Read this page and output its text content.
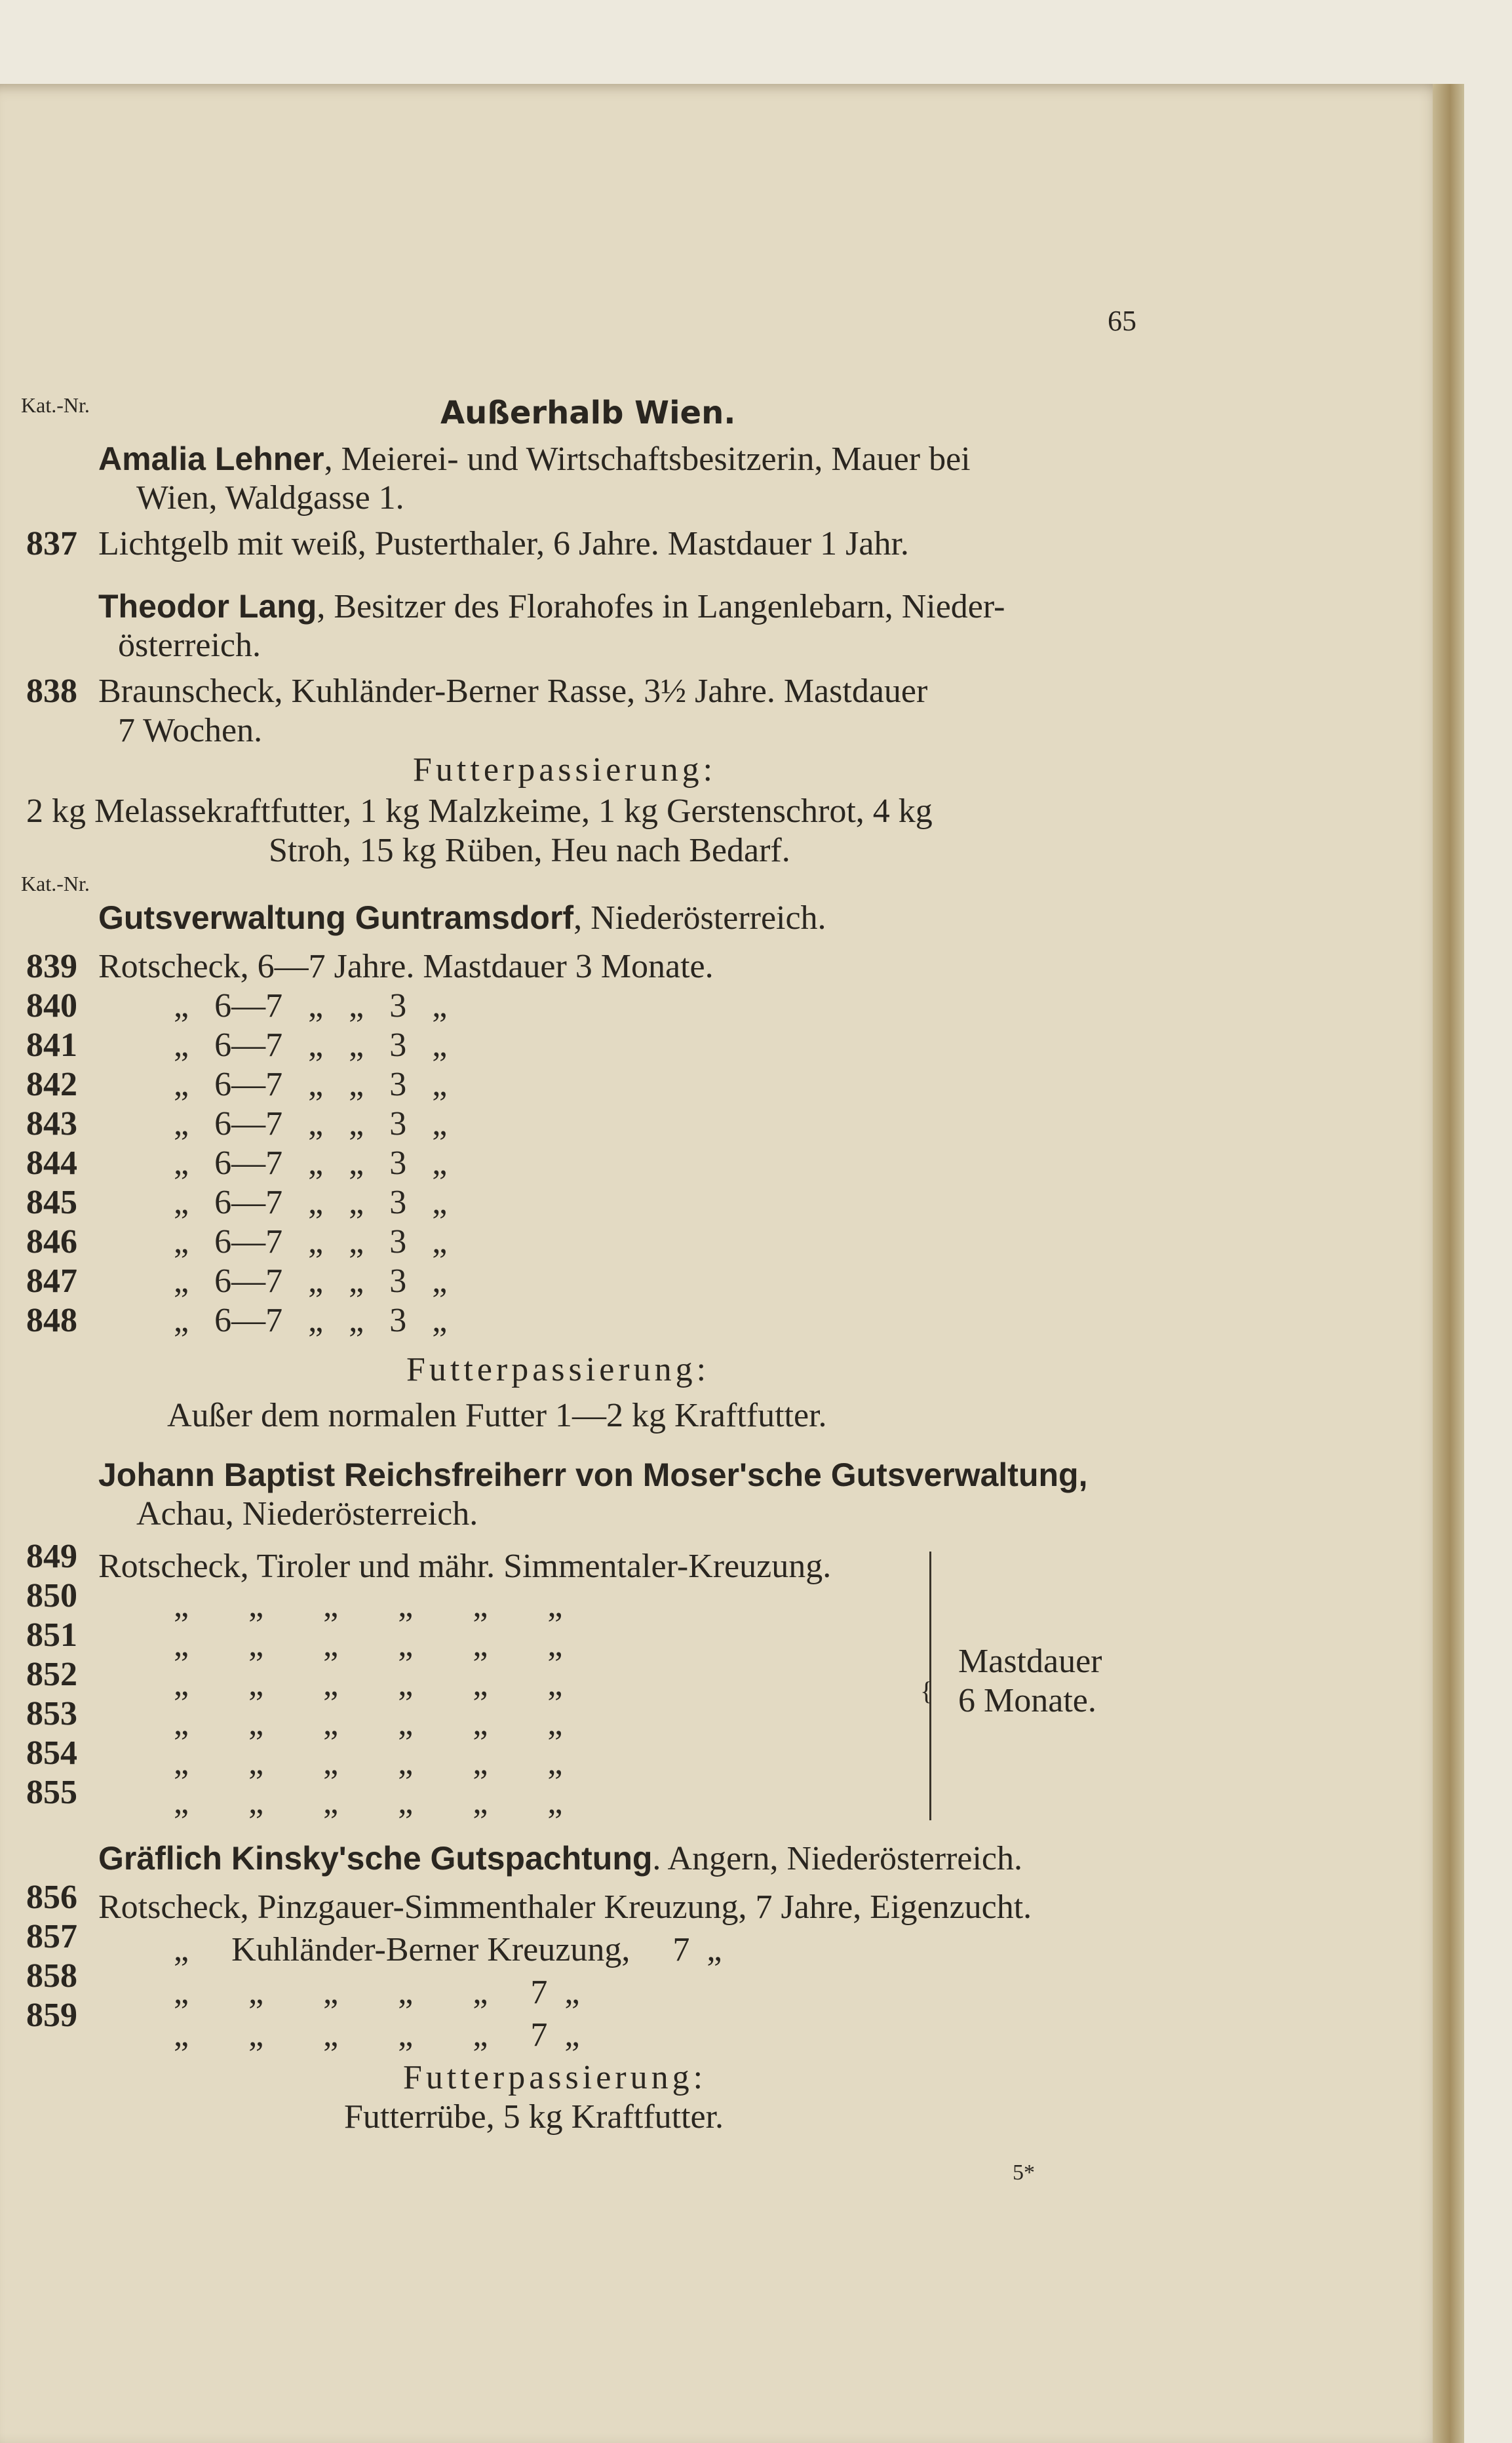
65
Kat.-Nr.	Außerhalb Wien.
Amalia Lehner, Meierei- und Wirtschaftsbesitzerin, Mauer bei
Wien, Waldgasse 1.
837 Lichtgelb mit weiß, Pusterthaler, 6 Jahre. Mastdauer 1 Jahr.
Theodor Lang, Besitzer des Florahofes in Langenlebarn, Nieder-
österreich.
838 Braunscheck, Kuhländer-Berner Rasse, 3½ Jahre. Mastdauer
7 Wochen.
Futterpassierung:
2 kg Melassekraftfutter, 1 kg Malzkeime, 1 kg Gerstenschrot, 4 kg
Stroh, 15 kg Rüben, Heu nach Bedarf.
Kat.-Nr.
Gutsverwaltung Guntramsdorf, Niederösterreich.
839
840
841
842
843
844
845
846
847
848
Rotscheck, 6—7 Jahre. Mastdauer 3 Monate.
„   6—7   „   „   3   „
„   6—7   „   „   3   „
„   6—7   „   „   3   „
„   6—7   „   „   3   „
„   6—7   „   „   3   „
„   6—7   „   „   3   „
„   6—7   „   „   3   „
„   6—7   „   „   3   „
„   6—7   „   „   3   „
Futterpassierung:
Außer dem normalen Futter 1—2 kg Kraftfutter.
Johann Baptist Reichsfreiherr von Moser'sche Gutsverwaltung,
Achau, Niederösterreich.
849
850
851
852
853
854
855
Rotscheck, Tiroler und mähr. Simmentaler-Kreuzung.
„       „       „       „       „       „
„       „       „       „       „       „
„       „       „       „       „       „
„       „       „       „       „       „
„       „       „       „       „       „
„       „       „       „       „       „
{
Mastdauer
6 Monate.
Gräflich Kinsky'sche Gutspachtung. Angern, Niederösterreich.
856
857
858
859
Rotscheck, Pinzgauer-Simmenthaler Kreuzung, 7 Jahre, Eigenzucht.
„     Kuhländer-Berner Kreuzung,     7  „
„       „       „       „       „     7  „
„       „       „       „       „     7  „
Futterpassierung:
Futterrübe, 5 kg Kraftfutter.
5*
